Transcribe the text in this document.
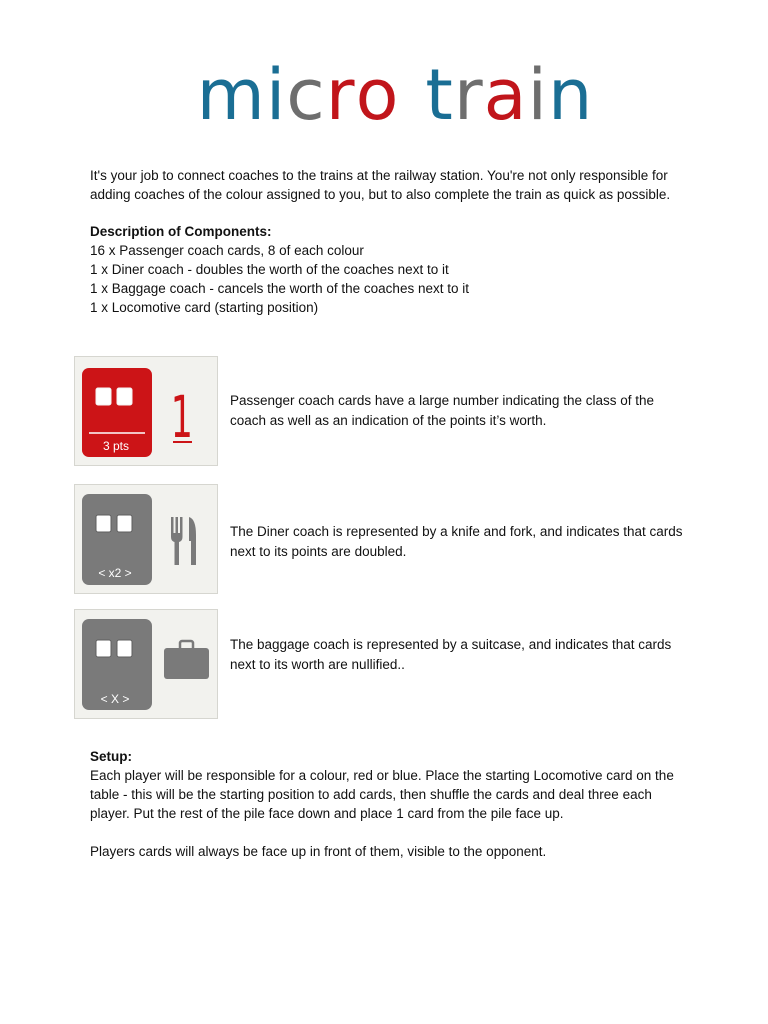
micro train

It's your job to connect coaches to the trains at the railway station. You're not only responsible for

adding coaches of the colour assigned to you, but to also complete the train as quick as possible.

Description of Components:

16 x Passenger coach cards, 8 of each colour

1 x Diner coach - doubles the worth of the coaches next to it

1 x Baggage coach - cancels the worth of the coaches next to it

1 x Locomotive card (starting position)

3 pts 1	Passenger coach cards have a large number indicating the class of the
coach as well as an indication of the points it’s worth.
< x2 >
The Diner coach is represented by a knife and fork, and indicates that cards
next to its points are doubled.
< X >
The baggage coach is represented by a suitcase, and indicates that cards
next to its worth are nullified..

Setup:

Each player will be responsible for a colour, red or blue. Place the starting Locomotive card on the

table - this will be the starting position to add cards, then shuffle the cards and deal three each

player. Put the rest of the pile face down and place 1 card from the pile face up.

Players cards will always be face up in front of them, visible to the opponent.
